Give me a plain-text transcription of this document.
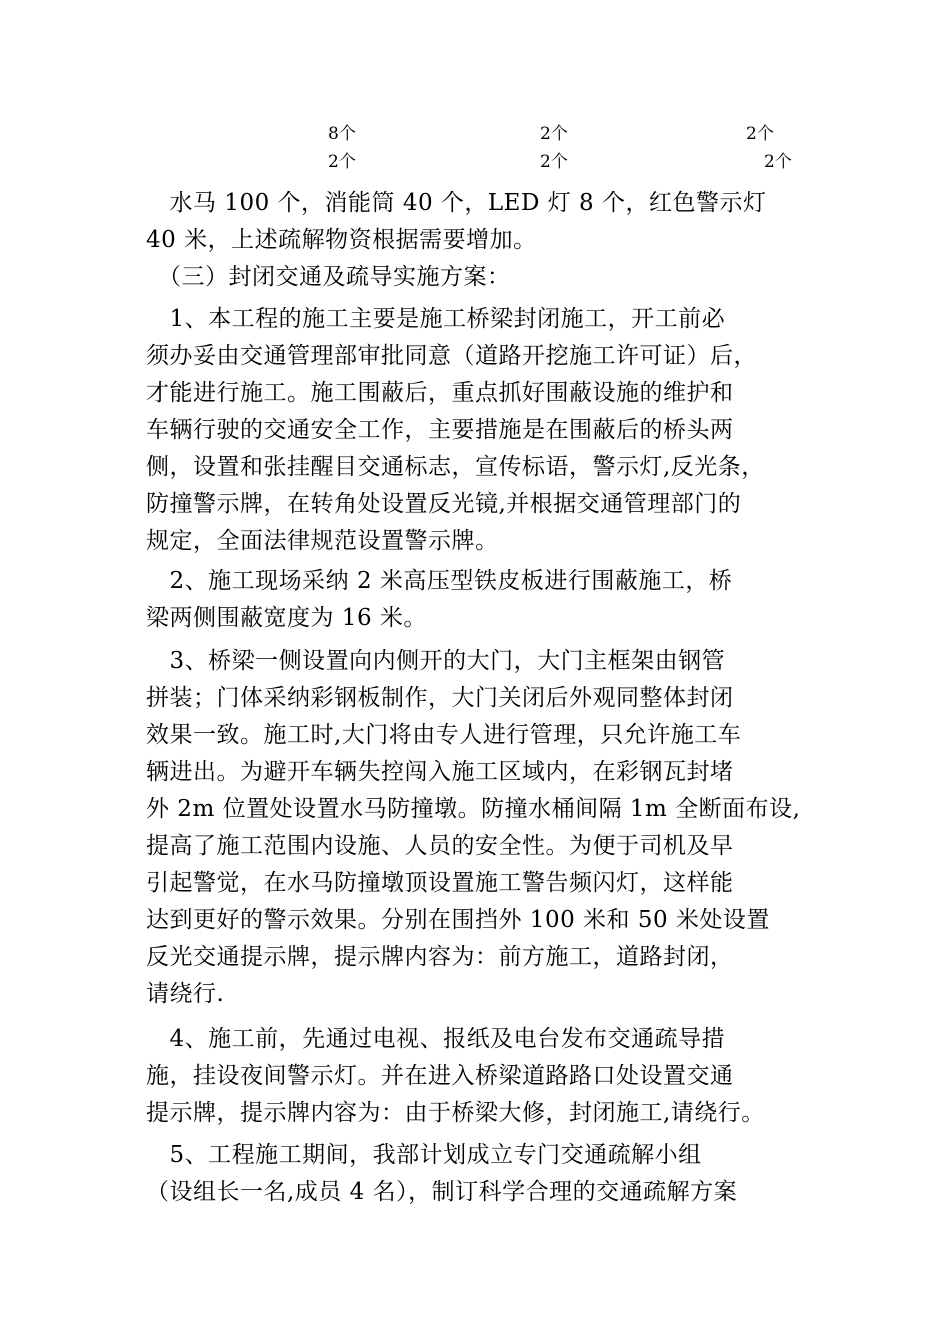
8个	2个	2个
2个	2个	2个
　水马 100 个，消能筒 40 个，LED 灯 8 个，红色警示灯
40 米，上述疏解物资根据需要增加。
　（三）封闭交通及疏导实施方案：
　1、本工程的施工主要是施工桥梁封闭施工，开工前必
须办妥由交通管理部审批同意（道路开挖施工许可证）后，
才能进行施工。施工围蔽后，重点抓好围蔽设施的维护和
车辆行驶的交通安全工作，主要措施是在围蔽后的桥头两
侧，设置和张挂醒目交通标志，宣传标语，警示灯,反光条，
防撞警示牌，在转角处设置反光镜,并根据交通管理部门的
规定，全面法律规范设置警示牌。
　2、施工现场采纳 2 米高压型铁皮板进行围蔽施工，桥
梁两侧围蔽宽度为 16 米。
　3、桥梁一侧设置向内侧开的大门，大门主框架由钢管
拼装；门体采纳彩钢板制作，大门关闭后外观同整体封闭
效果一致。施工时,大门将由专人进行管理，只允许施工车
辆进出。为避开车辆失控闯入施工区域内，在彩钢瓦封堵
外 2m 位置处设置水马防撞墩。防撞水桶间隔 1m 全断面布设,
提高了施工范围内设施、人员的安全性。为便于司机及早
引起警觉，在水马防撞墩顶设置施工警告频闪灯，这样能
达到更好的警示效果。分别在围挡外 100 米和 50 米处设置
反光交通提示牌，提示牌内容为：前方施工，道路封闭，
请绕行.
　4、施工前，先通过电视、报纸及电台发布交通疏导措
施，挂设夜间警示灯。并在进入桥梁道路路口处设置交通
提示牌，提示牌内容为：由于桥梁大修，封闭施工,请绕行。
　5、工程施工期间，我部计划成立专门交通疏解小组
（设组长一名,成员 4 名），制订科学合理的交通疏解方案
